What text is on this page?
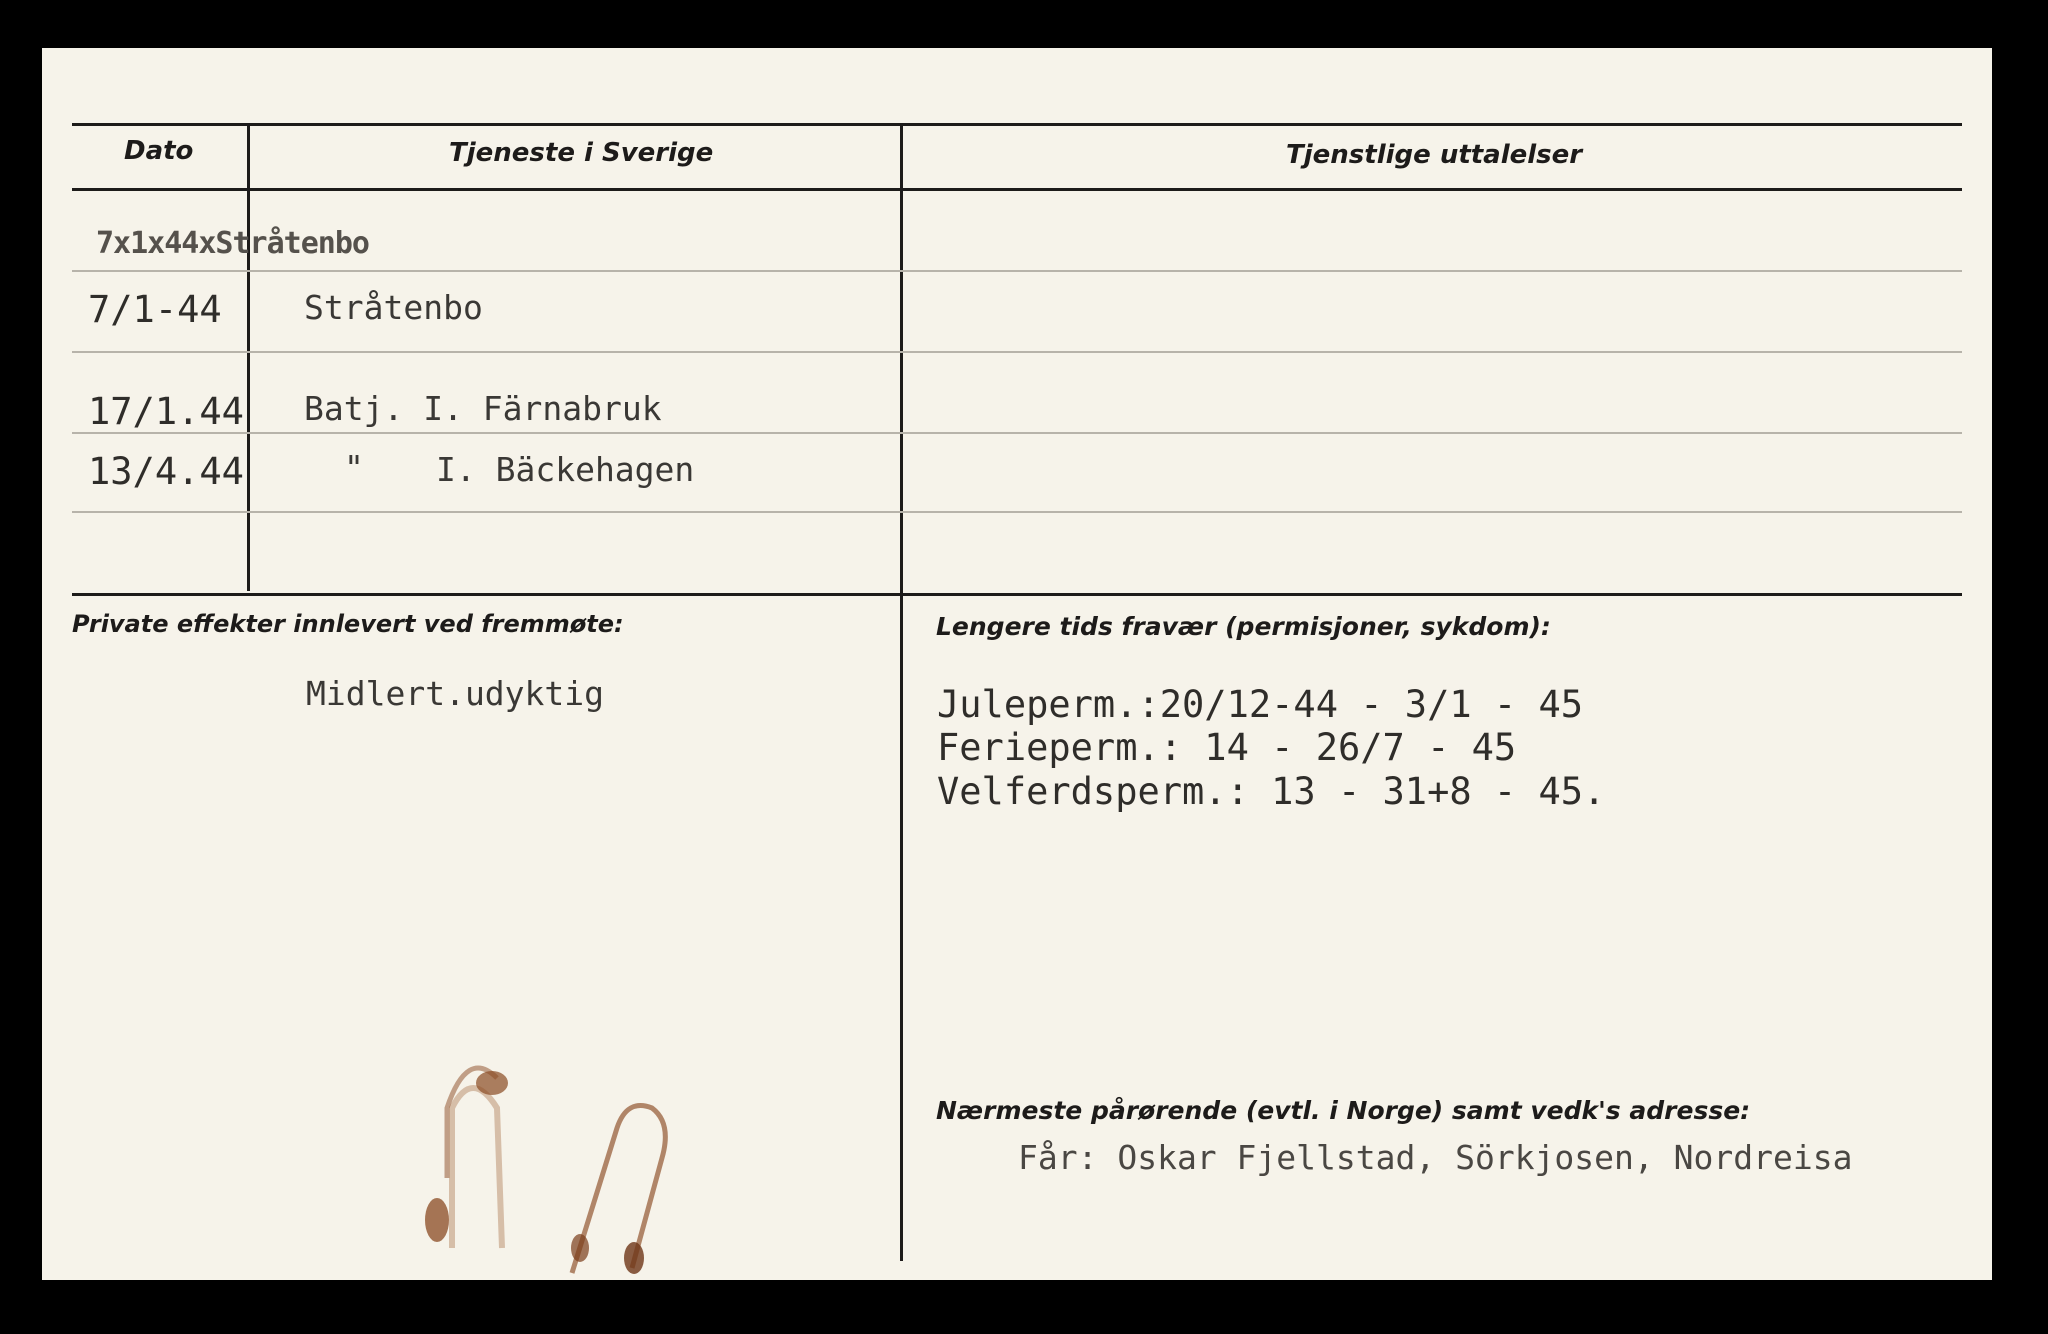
Dato	Tjeneste i Sverige	Tjenstlige uttalelser
7x1x44xStråtenbo
7/1-44 Stråtenbo
17/1.44 Batj. I. Färnabruk
13/4.44	" I. Bäckehagen
Private effekter innlevert ved fremmøte:
Midlert.udyktig
Lengere tids fravær (permisjoner, sykdom):
Juleperm.:20/12-44 - 3/1 - 45
Ferieperm.: 14 - 26/7 - 45
Velferdsperm.: 13 - 31+8 - 45.
Nærmeste pårørende (evtl. i Norge) samt vedk's adresse:
Får: Oskar Fjellstad, Sörkjosen, Nordreisa
